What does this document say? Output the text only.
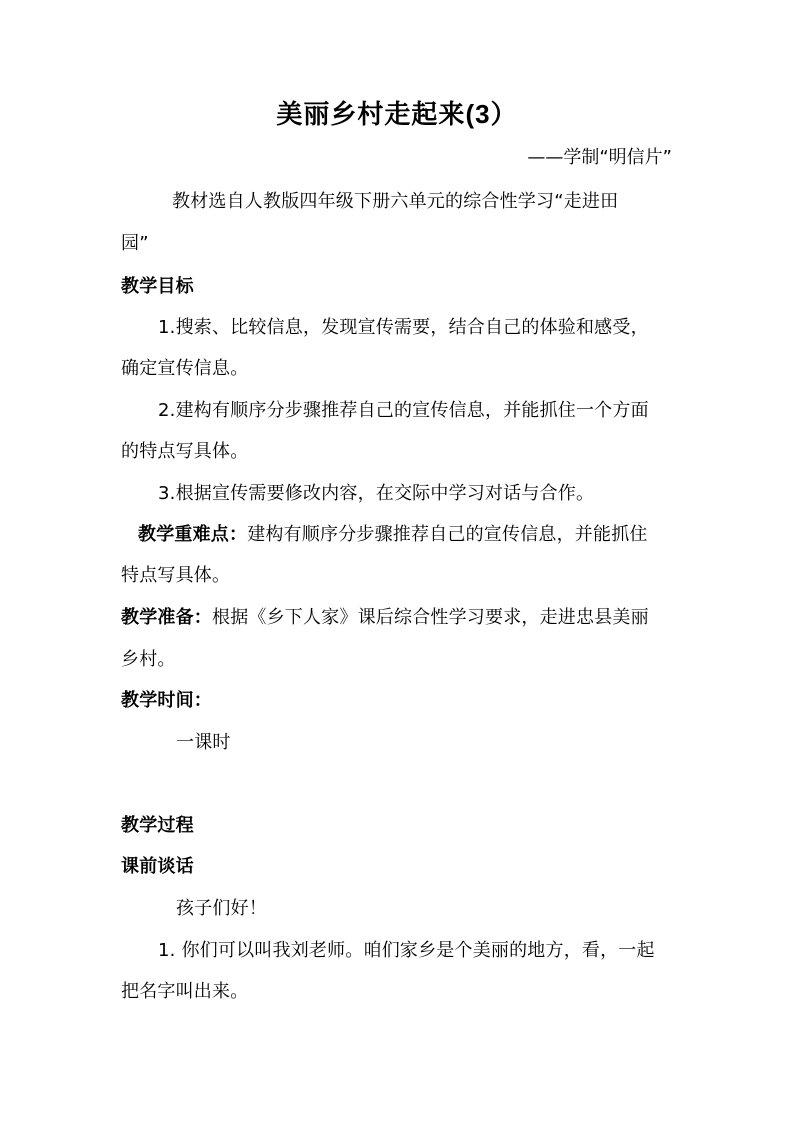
美丽乡村走起来(3）
——学制“明信片”
教材选自人教版四年级下册六单元的综合性学习“走进田
园”
教学目标
1.搜索、比较信息，发现宣传需要，结合自己的体验和感受，
确定宣传信息。
2.建构有顺序分步骤推荐自己的宣传信息，并能抓住一个方面
的特点写具体。
3.根据宣传需要修改内容，在交际中学习对话与合作。
教学重难点：建构有顺序分步骤推荐自己的宣传信息，并能抓住
特点写具体。
教学准备：根据《乡下人家》课后综合性学习要求，走进忠县美丽
乡村。
教学时间：
一课时
教学过程
课前谈话
孩子们好！
1. 你们可以叫我刘老师。咱们家乡是个美丽的地方，看，一起
把名字叫出来。
